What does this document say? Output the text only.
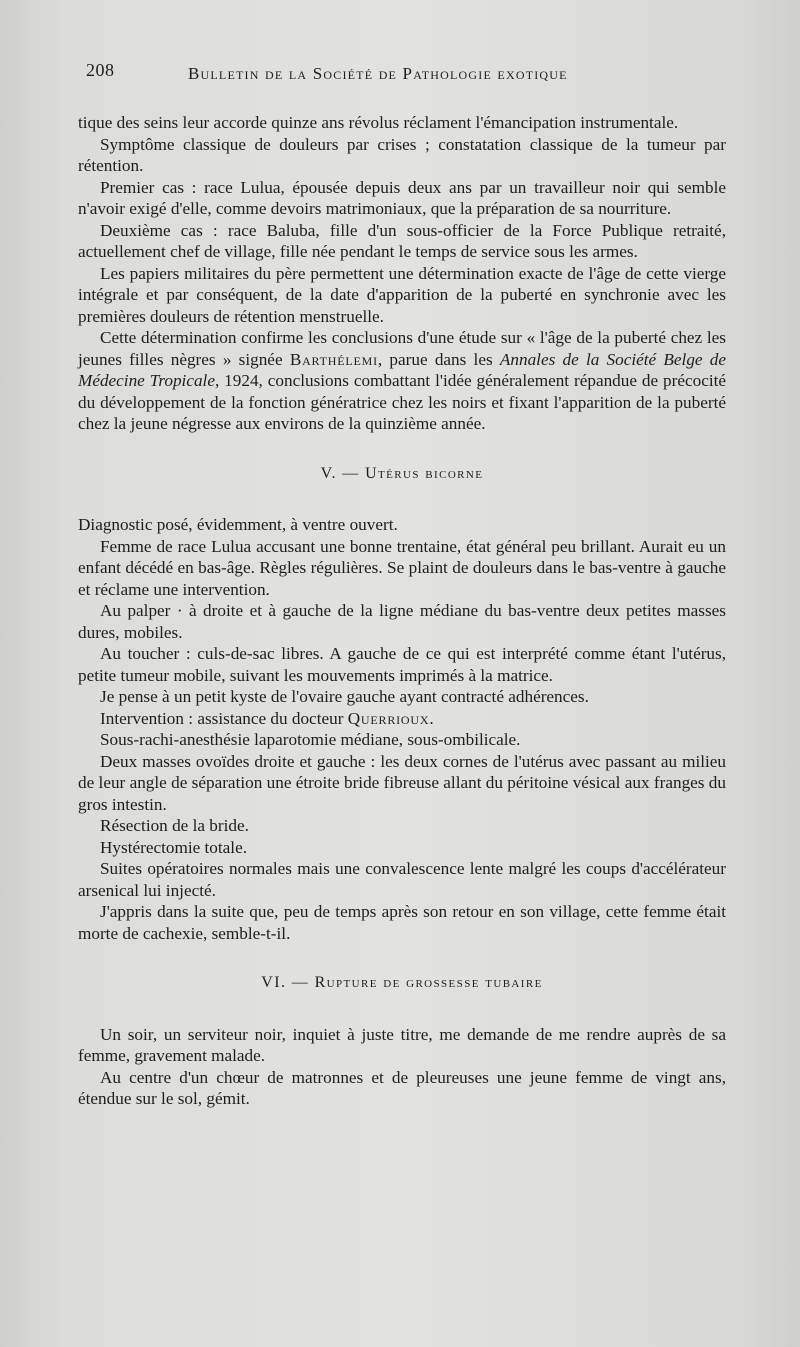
208	Bulletin de la Société de Pathologie exotique

tique des seins leur accorde quinze ans révolus réclament l'émancipation instrumentale.

Symptôme classique de douleurs par crises ; constatation classique de la tumeur par rétention.

Premier cas : race Lulua, épousée depuis deux ans par un travailleur noir qui semble n'avoir exigé d'elle, comme devoirs matrimoniaux, que la préparation de sa nourriture.

Deuxième cas : race Baluba, fille d'un sous-officier de la Force Publique retraité, actuellement chef de village, fille née pendant le temps de service sous les armes.

Les papiers militaires du père permettent une détermination exacte de l'âge de cette vierge intégrale et par conséquent, de la date d'apparition de la puberté en synchronie avec les premières douleurs de rétention menstruelle.

Cette détermination confirme les conclusions d'une étude sur « l'âge de la puberté chez les jeunes filles nègres » signée Barthélemi, parue dans les Annales de la Société Belge de Médecine Tropicale, 1924, conclusions combattant l'idée généralement répandue de précocité du développement de la fonction génératrice chez les noirs et fixant l'apparition de la puberté chez la jeune négresse aux environs de la quinzième année.

V. — Utérus bicorne

Diagnostic posé, évidemment, à ventre ouvert.

Femme de race Lulua accusant une bonne trentaine, état général peu brillant. Aurait eu un enfant décédé en bas-âge. Règles régulières. Se plaint de douleurs dans le bas-ventre à gauche et réclame une intervention.

Au palper · à droite et à gauche de la ligne médiane du bas-ventre deux petites masses dures, mobiles.

Au toucher : culs-de-sac libres. A gauche de ce qui est interprété comme étant l'utérus, petite tumeur mobile, suivant les mouvements imprimés à la matrice.

Je pense à un petit kyste de l'ovaire gauche ayant contracté adhérences.

Intervention : assistance du docteur Querrioux.

Sous-rachi-anesthésie laparotomie médiane, sous-ombilicale.

Deux masses ovoïdes droite et gauche : les deux cornes de l'utérus avec passant au milieu de leur angle de séparation une étroite bride fibreuse allant du péritoine vésical aux franges du gros intestin.

Résection de la bride.

Hystérectomie totale.

Suites opératoires normales mais une convalescence lente malgré les coups d'accélérateur arsenical lui injecté.

J'appris dans la suite que, peu de temps après son retour en son village, cette femme était morte de cachexie, semble-t-il.

VI. — Rupture de grossesse tubaire

Un soir, un serviteur noir, inquiet à juste titre, me demande de me rendre auprès de sa femme, gravement malade.

Au centre d'un chœur de matronnes et de pleureuses une jeune femme de vingt ans, étendue sur le sol, gémit.
